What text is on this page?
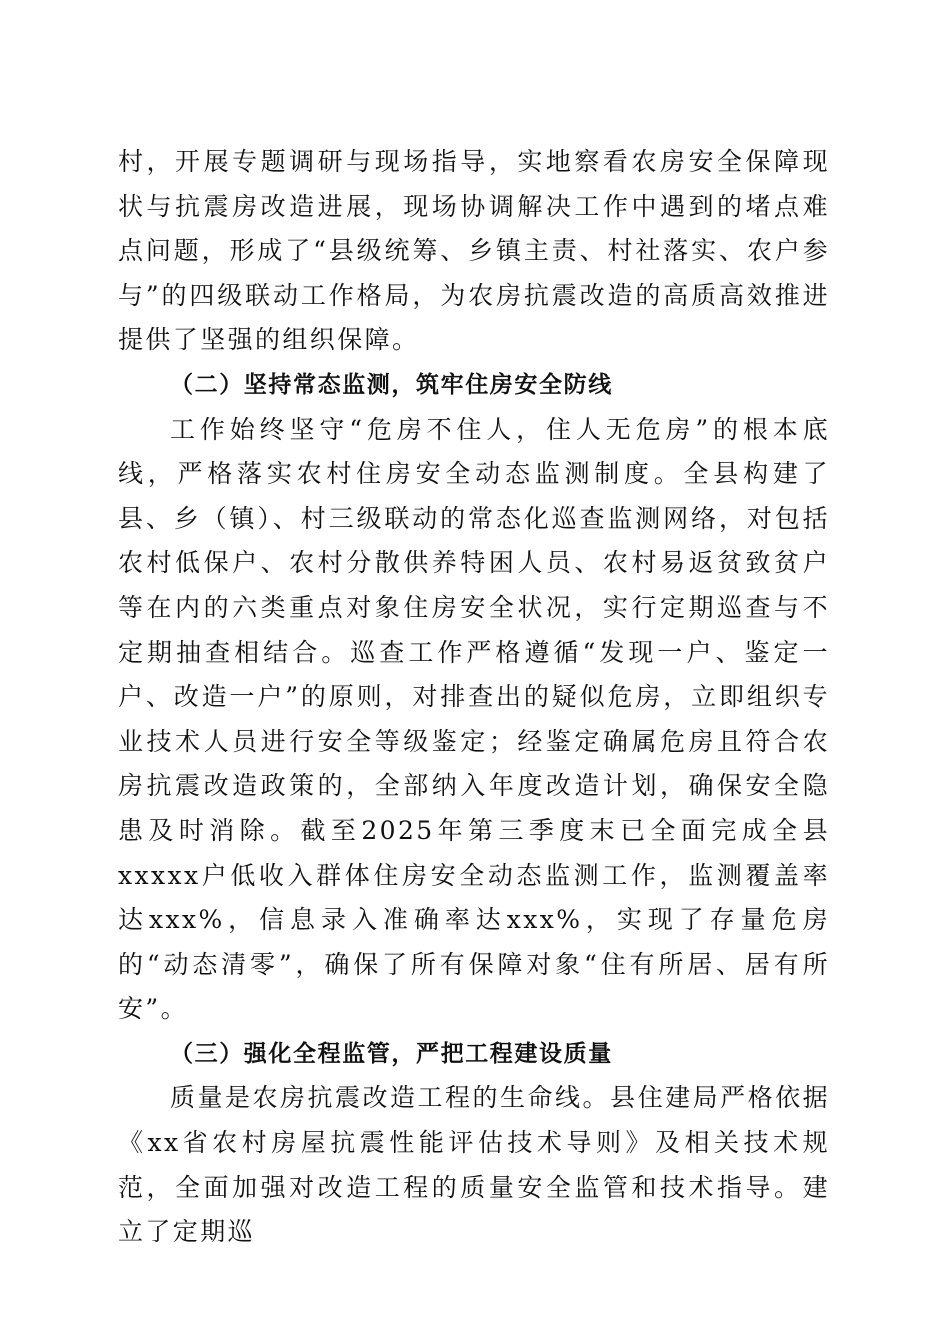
村，开展专题调研与现场指导，实地察看农房安全保障现状与抗震房改造进展，现场协调解决工作中遇到的堵点难点问题，形成了“县级统筹、乡镇主责、村社落实、农户参与”的四级联动工作格局，为农房抗震改造的高质高效推进提供了坚强的组织保障。

（二）坚持常态监测，筑牢住房安全防线

工作始终坚守“危房不住人，住人无危房”的根本底线，严格落实农村住房安全动态监测制度。全县构建了县、乡（镇）、村三级联动的常态化巡查监测网络，对包括农村低保户、农村分散供养特困人员、农村易返贫致贫户等在内的六类重点对象住房安全状况，实行定期巡查与不定期抽查相结合。巡查工作严格遵循“发现一户、鉴定一户、改造一户”的原则，对排查出的疑似危房，立即组织专业技术人员进行安全等级鉴定；经鉴定确属危房且符合农房抗震改造政策的，全部纳入年度改造计划，确保安全隐患及时消除。截至2025年第三季度末已全面完成全县xxxxx户低收入群体住房安全动态监测工作，监测覆盖率达xxx%，信息录入准确率达xxx%，实现了存量危房的“动态清零”，确保了所有保障对象“住有所居、居有所安”。

（三）强化全程监管，严把工程建设质量

质量是农房抗震改造工程的生命线。县住建局严格依据《xx省农村房屋抗震性能评估技术导则》及相关技术规范，全面加强对改造工程的质量安全监管和技术指导。建立了定期巡
